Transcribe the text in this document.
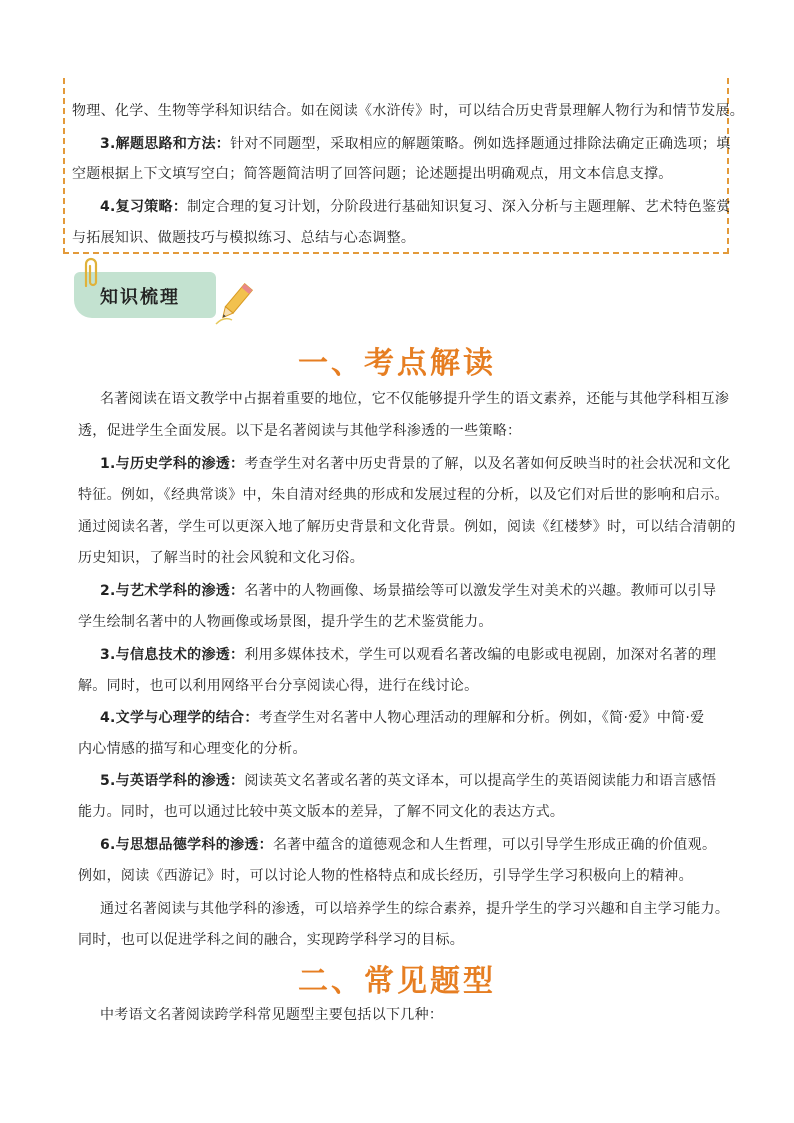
物理、化学、生物等学科知识结合。如在阅读《水浒传》时，可以结合历史背景理解人物行为和情节发展。
3.解题思路和方法：针对不同题型，采取相应的解题策略。例如选择题通过排除法确定正确选项；填
空题根据上下文填写空白；简答题简洁明了回答问题；论述题提出明确观点，用文本信息支撑。
4.复习策略：制定合理的复习计划，分阶段进行基础知识复习、深入分析与主题理解、艺术特色鉴赏
与拓展知识、做题技巧与模拟练习、总结与心态调整。
知识梳理
一、考点解读
名著阅读在语文教学中占据着重要的地位，它不仅能够提升学生的语文素养，还能与其他学科相互渗
透，促进学生全面发展。以下是名著阅读与其他学科渗透的一些策略：
1.与历史学科的渗透：考查学生对名著中历史背景的了解，以及名著如何反映当时的社会状况和文化
特征。例如，《经典常谈》中，朱自清对经典的形成和发展过程的分析，以及它们对后世的影响和启示。
通过阅读名著，学生可以更深入地了解历史背景和文化背景。例如，阅读《红楼梦》时，可以结合清朝的
历史知识，了解当时的社会风貌和文化习俗。
2.与艺术学科的渗透：名著中的人物画像、场景描绘等可以激发学生对美术的兴趣。教师可以引导
学生绘制名著中的人物画像或场景图，提升学生的艺术鉴赏能力。
3.与信息技术的渗透：利用多媒体技术，学生可以观看名著改编的电影或电视剧，加深对名著的理
解。同时，也可以利用网络平台分享阅读心得，进行在线讨论。
4.文学与心理学的结合：考查学生对名著中人物心理活动的理解和分析。例如，《简·爱》中简·爱
内心情感的描写和心理变化的分析。
5.与英语学科的渗透：阅读英文名著或名著的英文译本，可以提高学生的英语阅读能力和语言感悟
能力。同时，也可以通过比较中英文版本的差异，了解不同文化的表达方式。
6.与思想品德学科的渗透：名著中蕴含的道德观念和人生哲理，可以引导学生形成正确的价值观。
例如，阅读《西游记》时，可以讨论人物的性格特点和成长经历，引导学生学习积极向上的精神。
通过名著阅读与其他学科的渗透，可以培养学生的综合素养，提升学生的学习兴趣和自主学习能力。
同时，也可以促进学科之间的融合，实现跨学科学习的目标。
二、常见题型
中考语文名著阅读跨学科常见题型主要包括以下几种：
